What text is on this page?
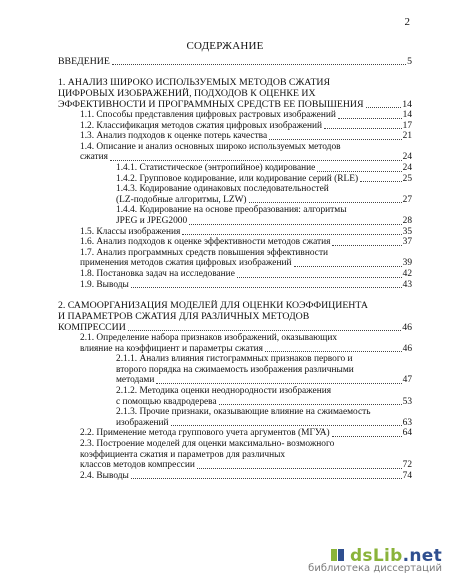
2
СОДЕРЖАНИЕ
ВВЕДЕНИЕ	5
1. АНАЛИЗ ШИРОКО ИСПОЛЬЗУЕМЫХ МЕТОДОВ СЖАТИЯ
ЦИФРОВЫХ ИЗОБРАЖЕНИЙ, ПОДХОДОВ К ОЦЕНКЕ ИХ
ЭФФЕКТИВНОСТИ И ПРОГРАММНЫХ СРЕДСТВ ЕЕ ПОВЫШЕНИЯ	14
1.1. Способы представления цифровых растровых изображений	14
1.2. Классификация методов сжатия цифровых изображений	17
1.3. Анализ подходов к оценке потерь качества	21
1.4. Описание и анализ основных широко используемых методов
сжатия	24
1.4.1. Статистическое (энтропийное) кодирование	24
1.4.2. Групповое кодирование, или кодирование серий (RLE)	25
1.4.3. Кодирование одинаковых последовательностей
(LZ-подобные алгоритмы, LZW)	27
1.4.4. Кодирование на основе преобразования: алгоритмы
JPEG и JPEG2000	28
1.5. Классы изображения	35
1.6. Анализ подходов к оценке эффективности методов сжатия	37
1.7. Анализ программных средств повышения эффективности
применения методов сжатия цифровых изображений	39
1.8. Постановка задач на исследование	42
1.9. Выводы	43
2. САМООРГАНИЗАЦИЯ МОДЕЛЕЙ ДЛЯ ОЦЕНКИ КОЭФФИЦИЕНТА
И ПАРАМЕТРОВ СЖАТИЯ ДЛЯ РАЗЛИЧНЫХ МЕТОДОВ
КОМПРЕССИИ	46
2.1. Определение набора признаков изображений, оказывающих
влияние на коэффициент и параметры сжатия	46
2.1.1. Анализ влияния гистограммных признаков первого и
второго порядка на сжимаемость изображения различными
методами	47
2.1.2. Методика оценки неоднородности изображения
с помощью квадродерева	53
2.1.3. Прочие признаки, оказывающие влияние на сжимаемость
изображений	63
2.2. Применение метода группового учета аргументов (МГУА)	64
2.3. Построение моделей для оценки максимально- возможного
коэффициента сжатия и параметров для различных
классов методов компрессии	72
2.4. Выводы	74
dsLib.net
библиотека диссертаций
